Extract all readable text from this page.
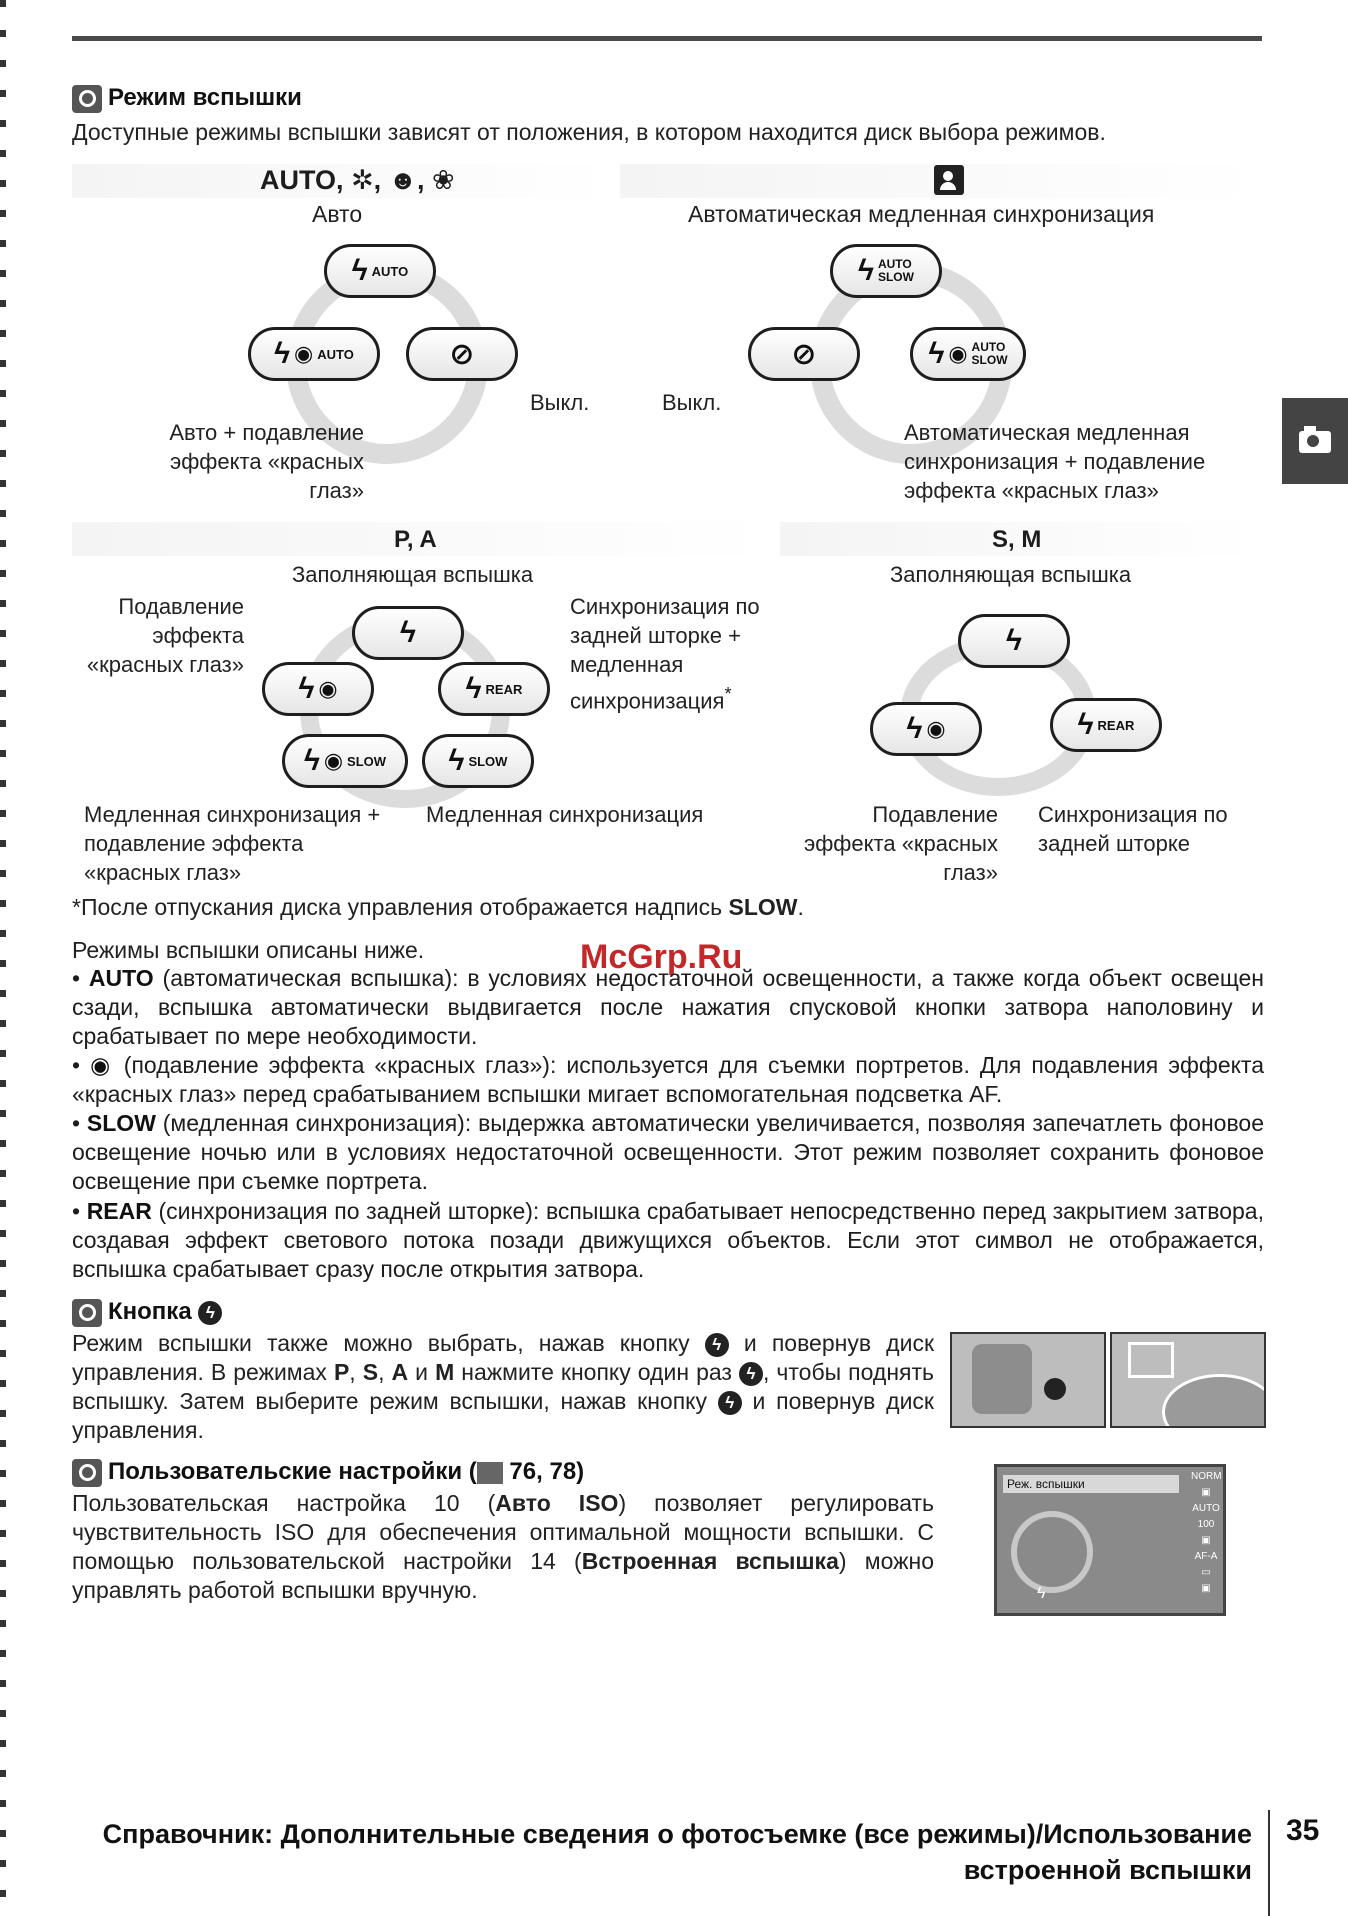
McGrp.Ru
Режим вспышки
Доступные режимы вспышки зависят от положения, в котором находится диск выбора режимов.
AUTO, ✲, ☻, ❀
Авто
ϟ AUTO
ϟ ◉ AUTO	⊘
Выкл.
Авто + подавление эффекта «красных глаз»
Автоматическая медленная синхронизация
ϟ AUTO
SLOW
⊘	ϟ ◉ AUTO
SLOW
Выкл.
Автоматическая медленная синхронизация + подавление эффекта «красных глаз»
P, A
Заполняющая вспышка
ϟ
ϟ ◉	ϟ REAR
ϟ ◉ SLOW ϟ SLOW
Подавление эффекта «красных глаз»
Синхронизация по задней шторке + медленная синхронизация*
Медленная синхронизация + подавление эффекта «красных глаз»
Медленная синхронизация
S, M
Заполняющая вспышка
ϟ
ϟ ◉	ϟ REAR
Подавление эффекта «красных глаз»
Синхронизация по задней шторке
*После отпускания диска управления отображается надпись SLOW.
Режимы вспышки описаны ниже.
• AUTO (автоматическая вспышка): в условиях недостаточной освещенности, а также когда объект освещен сзади, вспышка автоматически выдвигается после нажатия спусковой кнопки затвора наполовину и срабатывает по мере необходимости.
• ◉ (подавление эффекта «красных глаз»): используется для съемки портретов. Для подавления эффекта «красных глаз» перед срабатыванием вспышки мигает вспомогательная подсветка AF.
• SLOW (медленная синхронизация): выдержка автоматически увеличивается, позволяя запечатлеть фоновое освещение ночью или в условиях недостаточной освещенности. Этот режим позволяет сохранить фоновое освещение при съемке портрета.
• REAR (синхронизация по задней шторке): вспышка срабатывает непосредственно перед закрытием затвора, создавая эффект светового потока позади движущихся объектов. Если этот символ не отображается, вспышка срабатывает сразу после открытия затвора.
Кнопка ϟ
Режим вспышки также можно выбрать, нажав кнопку ϟ и повернув диск управления. В режимах P, S, A и M нажмите кнопку один раз ϟ , чтобы поднять вспышку. Затем выберите режим вспышки, нажав кнопку ϟ и повернув диск управления.
Пользовательские настройки ( 76, 78)
Пользовательская настройка 10 (Авто ISO) позволяет регулировать чувствительность ISO для обеспечения оптимальной мощности вспышки. С помощью пользовательской настройки 14 (Встроенная вспышка) можно управлять работой вспышки вручную.
Реж. вспышки
ϟ
NORM
▣
AUTO
100
▣
AF-A
▭
▣
Справочник: Дополнительные сведения о фотосъемке (все режимы)/Использование
встроенной вспышки
35
